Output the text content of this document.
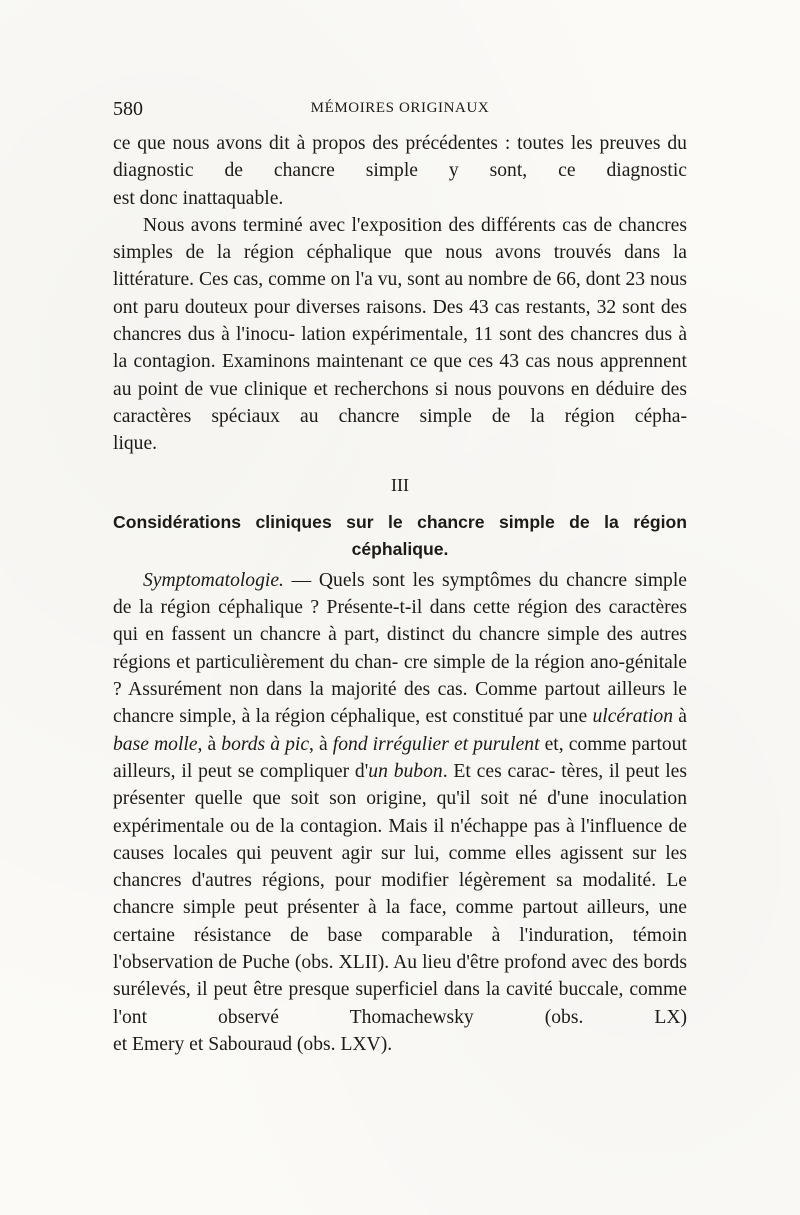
580	MÉMOIRES ORIGINAUX

ce que nous avons dit à propos des précédentes : toutes les preuves du diagnostic de chancre simple y sont, ce diagnostic

est donc inattaquable.

Nous avons terminé avec l'exposition des différents cas de chancres simples de la région céphalique que nous avons trouvés dans la littérature. Ces cas, comme on l'a vu, sont au nombre de 66, dont 23 nous ont paru douteux pour diverses raisons. Des 43 cas restants, 32 sont des chancres dus à l'inocu- lation expérimentale, 11 sont des chancres dus à la contagion. Examinons maintenant ce que ces 43 cas nous apprennent au point de vue clinique et recherchons si nous pouvons en déduire des caractères spéciaux au chancre simple de la région cépha-

lique.

III

Considérations cliniques sur le chancre simple de la région
céphalique.

Symptomatologie. — Quels sont les symptômes du chancre simple de la région céphalique ? Présente-t-il dans cette région des caractères qui en fassent un chancre à part, distinct du chancre simple des autres régions et particulièrement du chan- cre simple de la région ano-génitale ? Assurément non dans la majorité des cas. Comme partout ailleurs le chancre simple, à la région céphalique, est constitué par une ulcération à base molle, à bords à pic, à fond irrégulier et purulent et, comme partout ailleurs, il peut se compliquer d'un bubon. Et ces carac- tères, il peut les présenter quelle que soit son origine, qu'il soit né d'une inoculation expérimentale ou de la contagion. Mais il n'échappe pas à l'influence de causes locales qui peuvent agir sur lui, comme elles agissent sur les chancres d'autres régions, pour modifier légèrement sa modalité. Le chancre simple peut présenter à la face, comme partout ailleurs, une certaine résistance de base comparable à l'induration, témoin l'observation de Puche (obs. XLII). Au lieu d'être profond avec des bords surélevés, il peut être presque superficiel dans la cavité buccale, comme l'ont observé Thomachewsky (obs. LX)

et Emery et Sabouraud (obs. LXV).
